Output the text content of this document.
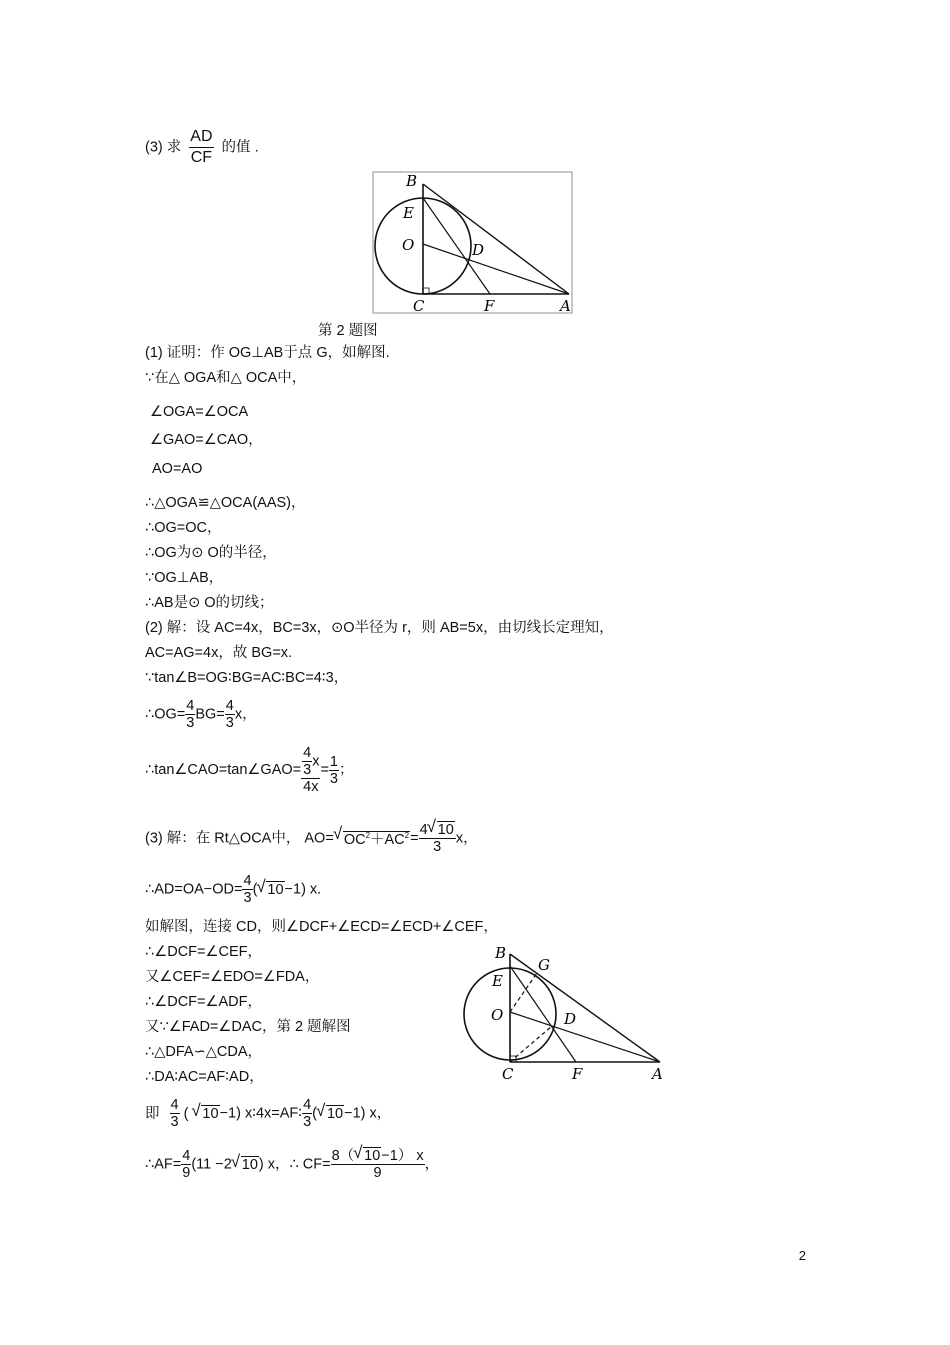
(3) 求 $\frac{AD}{CF}$ 的值 .
B
E
O	D
C	F	A
第 2 题图
(1) 证明：作 OG⊥AB于点 G，如解图.
∵在△ OGA和△ OCA中，
∠OGA=∠OCA
∠GAO=∠CAO，
AO=AO
∴△OGA≌△OCA(AAS)，
∴OG=OC，
∴OG为⊙ O的半径，
∵OG⊥AB，
∴AB是⊙ O的切线；
(2) 解：设 AC=4x，BC=3x，⊙O半径为 r，则 AB=5x，由切线长定理知，
AC=AG=4x，故 BG=x.
∵tan∠B=OG∶BG=AC∶BC=4∶3，
∴OG= $\frac{4}{3} BG= \frac{4}{3}$ x，
∴tan∠CAO=tan∠GAO= $\frac{\frac{4}{3} x}{4x} = \frac{1}{3}$ ；
(3) 解：在 Rt△OCA中， AO=√ $OC^2+AC^2= \frac{4√ 10}{3}$ x，
∴AD=OA−OD= $\frac{4}{3}$ (√ 10−1) x.
如解图，连接 CD，则∠DCF+∠ECD=∠ECD+∠CEF，
∴∠DCF=∠CEF，
又∠CEF=∠EDO=∠FDA，
∴∠DCF=∠ADF，
又∵∠FAD=∠DAC，第 2 题解图
∴△DFA∽△CDA，
∴DA∶AC=AF∶AD，
B
E
G
O	D
C	F	A
即 $\frac{4}{3}$ (√ 10−1) x∶4x=AF∶ $\frac{4}{3}$ (√ 10−1) x，
∴AF= $\frac{4}{9} (11 -2√$ 10) x，∴ $CF= \frac{8(√ 10-1) x}{9}$ ，
2
